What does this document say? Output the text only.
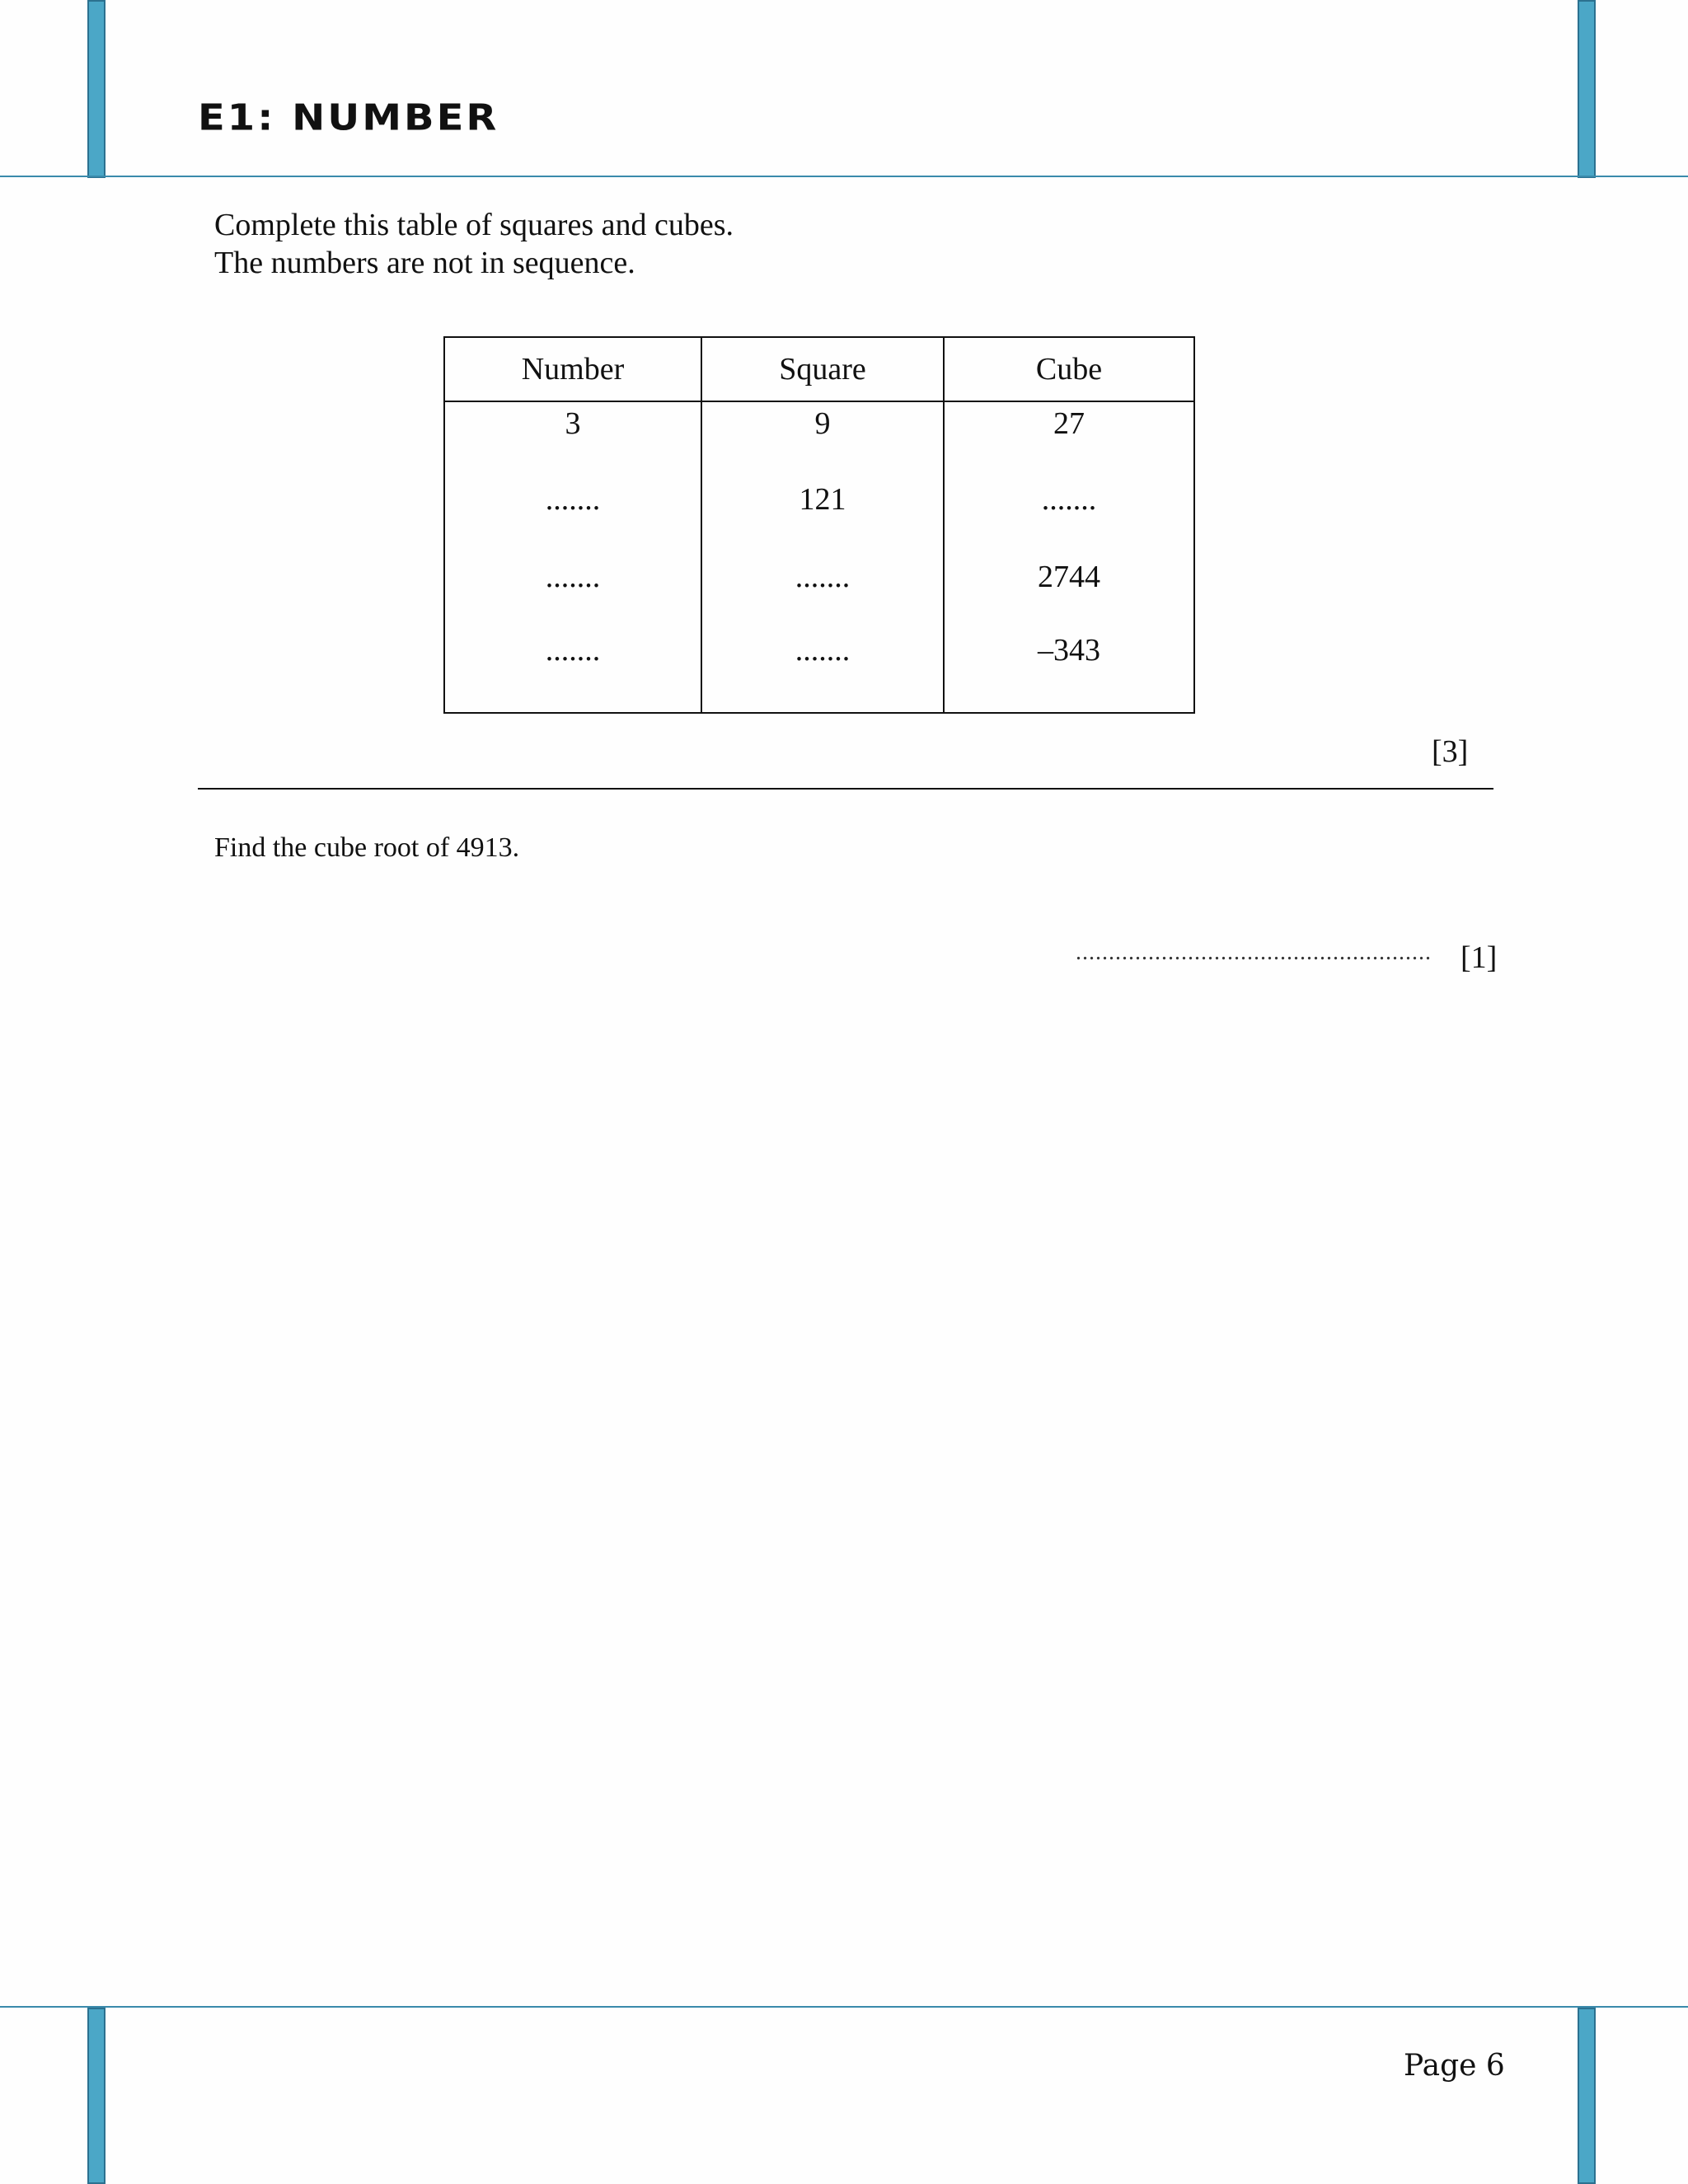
E1: NUMBER
Complete this table of squares and cubes.
The numbers are not in sequence.
Number	Square	Cube
3	9	27
.......	121	.......
.......	.......	2744
.......	.......	–343
[3]
Find the cube root of 4913.
...................................................... [1]
Page 6
